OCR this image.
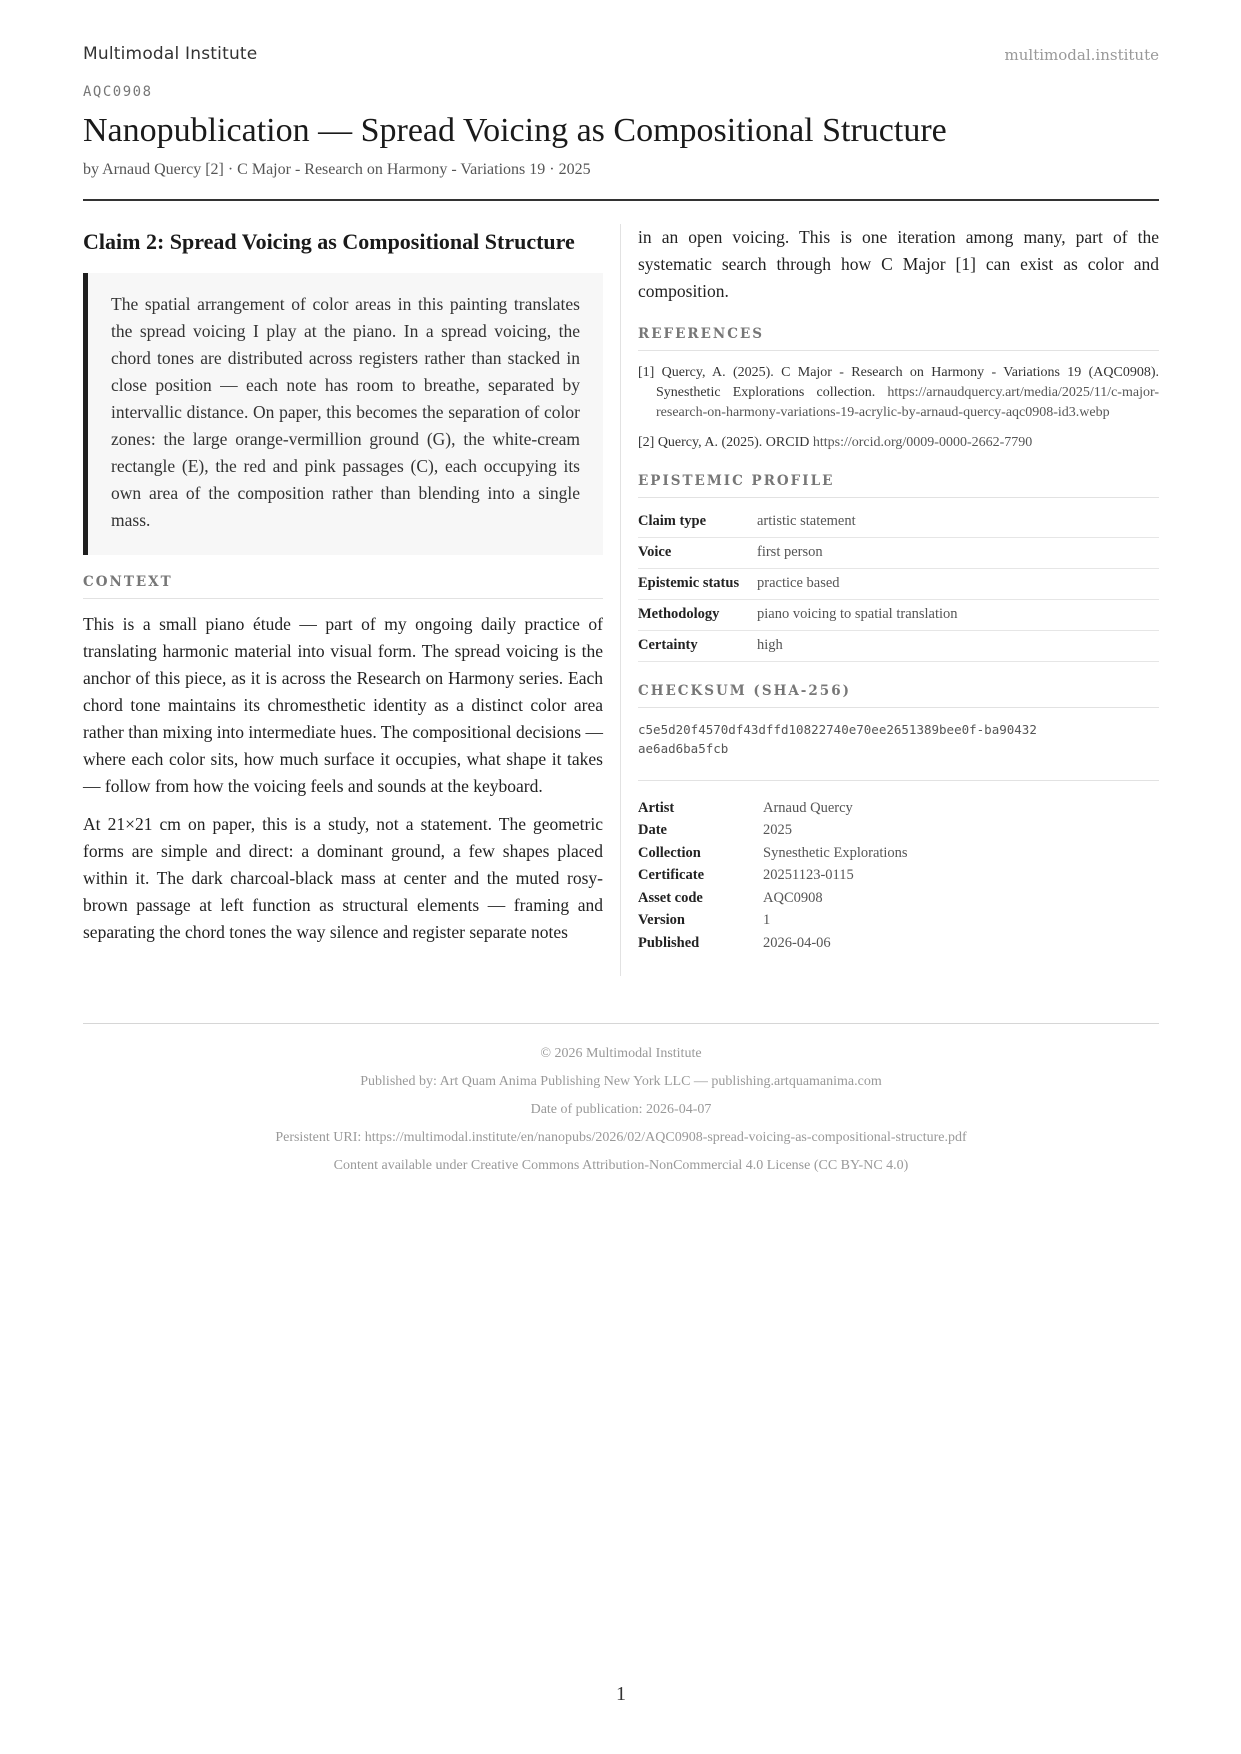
Multimodal Institute	multimodal.institute
AQC0908
Nanopublication — Spread Voicing as Compositional Structure
by Arnaud Quercy [2] · C Major - Research on Harmony - Variations 19 · 2025
Claim 2: Spread Voicing as Compositional Structure
The spatial arrangement of color areas in this painting translates the spread voicing I play at the piano. In a spread voicing, the chord tones are distributed across registers rather than stacked in close position — each note has room to breathe, separated by intervallic distance. On paper, this becomes the separation of color zones: the large orange-vermillion ground (G), the white-cream rectangle (E), the red and pink passages (C), each occupying its own area of the composition rather than blending into a single mass.
CONTEXT

This is a small piano étude — part of my ongoing daily practice of translating harmonic material into visual form. The spread voicing is the anchor of this piece, as it is across the Research on Harmony series. Each chord tone maintains its chromesthetic identity as a distinct color area rather than mixing into intermediate hues. The compositional decisions — where each color sits, how much surface it occupies, what shape it takes — follow from how the voicing feels and sounds at the keyboard.

At 21×21 cm on paper, this is a study, not a statement. The geometric forms are simple and direct: a dominant ground, a few shapes placed within it. The dark charcoal-black mass at center and the muted rosy-brown passage at left function as structural elements — framing and separating the chord tones the way silence and register separate notes

in an open voicing. This is one iteration among many, part of the systematic search through how C Major [1] can exist as color and composition.

REFERENCES
[1] Quercy, A. (2025). C Major - Research on Harmony - Variations 19 (AQC0908). Synesthetic Explorations collection. https://arnaudquercy.art/media/2025/11/c-major-research-on-harmony-variations-19-acrylic-by-arnaud-quercy-aqc0908-id3.webp
[2] Quercy, A. (2025). ORCID https://orcid.org/0009-0000-2662-7790
EPISTEMIC PROFILE
Claim type	artistic statement
Voice	first person
Epistemic status	practice based
Methodology	piano voicing to spatial translation
Certainty	high
CHECKSUM (SHA-256)
c5e5d20f4570df43dffd10822740e70ee2651389bee0f-ba90432ae6ad6ba5fcb
Artist	Arnaud Quercy
Date	2025
Collection	Synesthetic Explorations
Certificate	20251123-0115
Asset code	AQC0908
Version	1
Published	2026-04-06
© 2026 Multimodal Institute
Published by: Art Quam Anima Publishing New York LLC — publishing.artquamanima.com
Date of publication: 2026-04-07
Persistent URI: https://multimodal.institute/en/nanopubs/2026/02/AQC0908-spread-voicing-as-compositional-structure.pdf
Content available under Creative Commons Attribution-NonCommercial 4.0 License (CC BY-NC 4.0)
1
